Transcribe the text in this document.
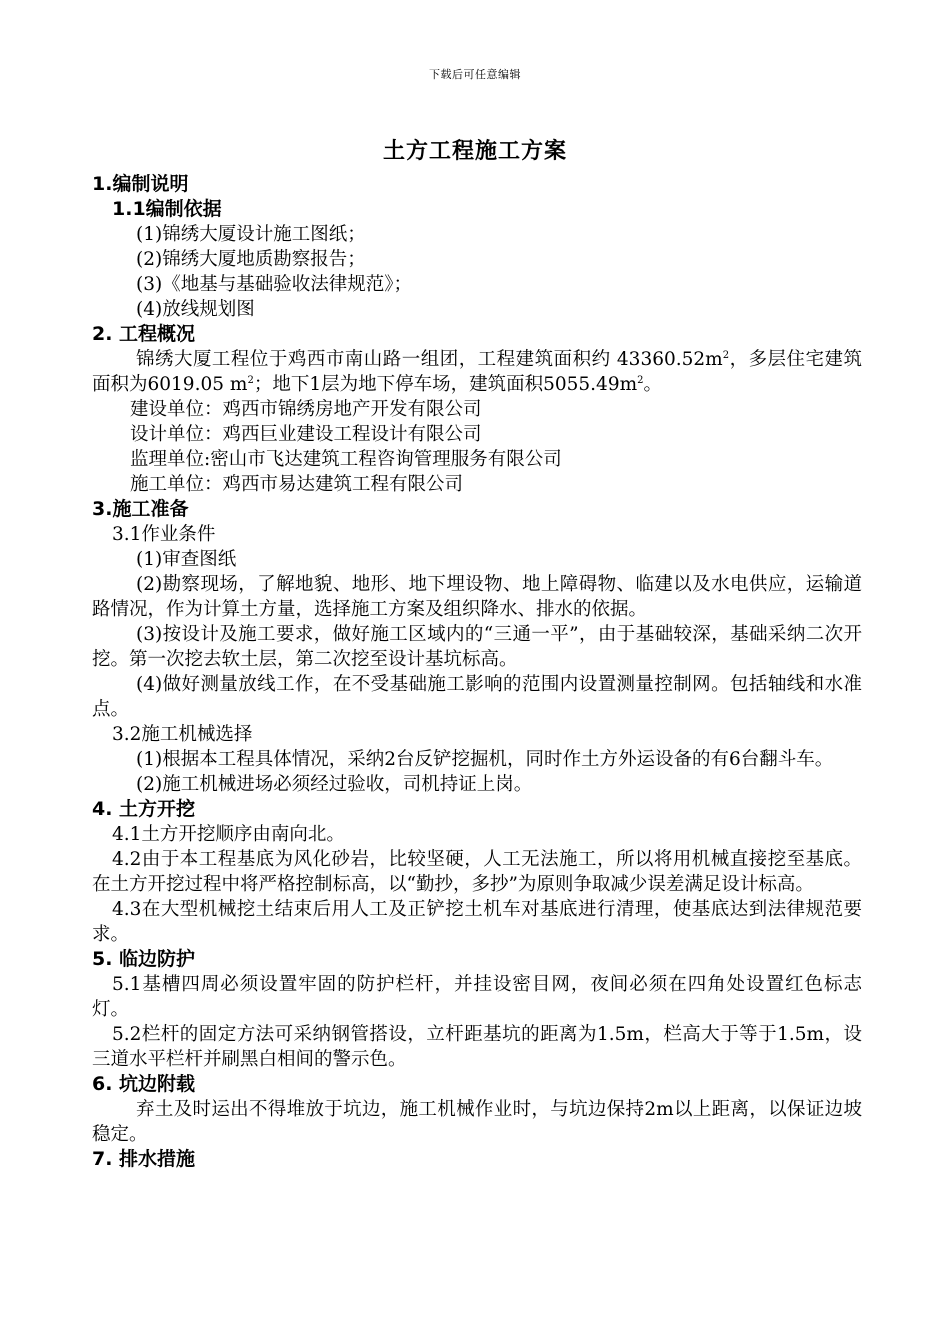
下载后可任意编辑
土方工程施工方案

1.编制说明

1.1编制依据

(1)锦绣大厦设计施工图纸；

(2)锦绣大厦地质勘察报告；

(3)《地基与基础验收法律规范》；

(4)放线规划图

2. 工程概况

锦绣大厦工程位于鸡西市南山路一组团，工程建筑面积约 $43360.52m^2$，多层住宅建筑面积为6019.05 $m^2$；地下1层为地下停车场，建筑面积$5055.49m^2$。

建设单位：鸡西市锦绣房地产开发有限公司

设计单位：鸡西巨业建设工程设计有限公司

监理单位:密山市飞达建筑工程咨询管理服务有限公司

施工单位：鸡西市易达建筑工程有限公司

3.施工准备

3.1作业条件

(1)审查图纸

(2)勘察现场，了解地貌、地形、地下埋设物、地上障碍物、临建以及水电供应，运输道路情况，作为计算土方量，选择施工方案及组织降水、排水的依据。

(3)按设计及施工要求，做好施工区域内的“三通一平”，由于基础较深，基础采纳二次开挖。第一次挖去软土层，第二次挖至设计基坑标高。

(4)做好测量放线工作，在不受基础施工影响的范围内设置测量控制网。包括轴线和水准点。

3.2施工机械选择

(1)根据本工程具体情况，采纳2台反铲挖掘机，同时作土方外运设备的有6台翻斗车。

(2)施工机械进场必须经过验收，司机持证上岗。

4. 土方开挖

4.1土方开挖顺序由南向北。

4.2由于本工程基底为风化砂岩，比较坚硬，人工无法施工，所以将用机械直接挖至基底。在土方开挖过程中将严格控制标高，以“勤抄，多抄”为原则争取减少误差满足设计标高。

4.3在大型机械挖土结束后用人工及正铲挖土机车对基底进行清理，使基底达到法律规范要求。

5. 临边防护

5.1基槽四周必须设置牢固的防护栏杆，并挂设密目网，夜间必须在四角处设置红色标志灯。

5.2栏杆的固定方法可采纳钢管搭设，立杆距基坑的距离为1.5m，栏高大于等于1.5m，设三道水平栏杆并刷黑白相间的警示色。

6. 坑边附载

弃土及时运出不得堆放于坑边，施工机械作业时，与坑边保持2m以上距离，以保证边坡稳定。

7. 排水措施
